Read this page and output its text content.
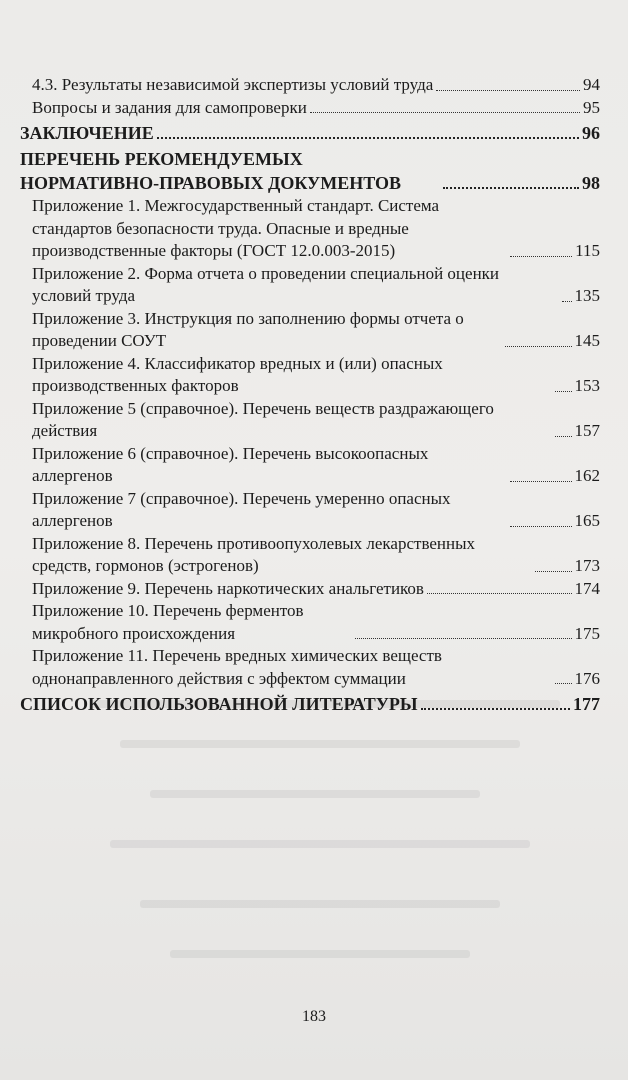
4.3. Результаты независимой экспертизы условий труда	94
Вопросы и задания для самопроверки	95
ЗАКЛЮЧЕНИЕ	96
ПЕРЕЧЕНЬ РЕКОМЕНДУЕМЫХ НОРМАТИВНО-ПРАВОВЫХ ДОКУМЕНТОВ	98
Приложение 1. Межгосударственный стандарт. Система стандартов безопасности труда. Опасные и вредные производственные факторы (ГОСТ 12.0.003-2015)	115
Приложение 2. Форма отчета о проведении специальной оценки условий труда	135
Приложение 3. Инструкция по заполнению формы отчета о проведении СОУТ	145
Приложение 4. Классификатор вредных и (или) опасных производственных факторов	153
Приложение 5 (справочное). Перечень веществ раздражающего действия	157
Приложение 6 (справочное). Перечень высокоопасных аллергенов	162
Приложение 7 (справочное). Перечень умеренно опасных аллергенов	165
Приложение 8. Перечень противоопухолевых лекарственных средств, гормонов (эстрогенов)	173
Приложение 9. Перечень наркотических анальгетиков	174
Приложение 10. Перечень ферментов микробного происхождения	175
Приложение 11. Перечень вредных химических веществ однонаправленного действия с эффектом суммации	176
СПИСОК ИСПОЛЬЗОВАННОЙ ЛИТЕРАТУРЫ	177
183
